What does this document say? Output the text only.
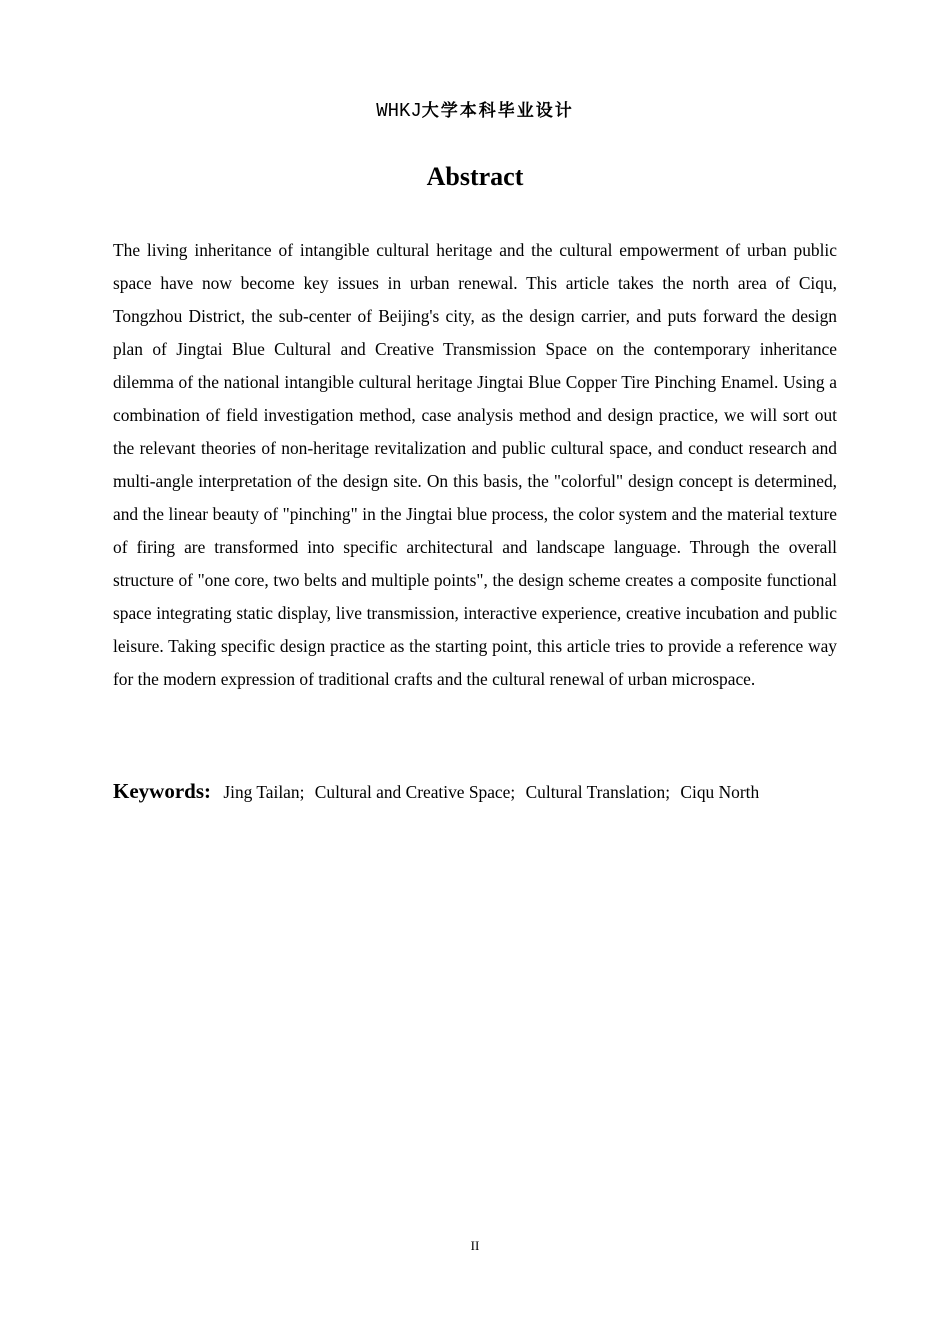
WHKJ大学本科毕业设计
Abstract

The living inheritance of intangible cultural heritage and the cultural empowerment of urban public space have now become key issues in urban renewal. This article takes the north area of Ciqu, Tongzhou District, the sub-center of Beijing's city, as the design carrier, and puts forward the design plan of Jingtai Blue Cultural and Creative Transmission Space on the contemporary inheritance dilemma of the national intangible cultural heritage Jingtai Blue Copper Tire Pinching Enamel. Using a combination of field investigation method, case analysis method and design practice, we will sort out the relevant theories of non-heritage revitalization and public cultural space, and conduct research and multi-angle interpretation of the design site. On this basis, the "colorful" design concept is determined, and the linear beauty of "pinching" in the Jingtai blue process, the color system and the material texture of firing are transformed into specific architectural and landscape language. Through the overall structure of "one core, two belts and multiple points", the design scheme creates a composite functional space integrating static display, live transmission, interactive experience, creative incubation and public leisure. Taking specific design practice as the starting point, this article tries to provide a reference way for the modern expression of traditional crafts and the cultural renewal of urban microspace.

Keywords: Jing Tailan; Cultural and Creative Space; Cultural Translation; Ciqu North

II
